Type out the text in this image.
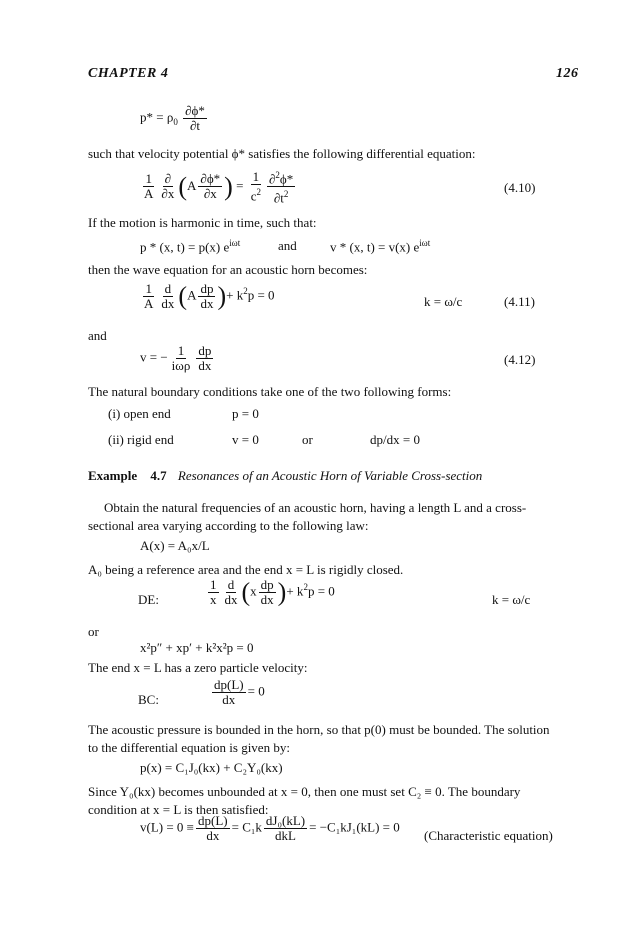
CHAPTER 4	126
$p* = \rho_0 \frac{\partial\phi*}{\partial t}$
such that velocity potential ϕ* satisfies the following differential equation:
$\frac{1}{A} \frac{\partial}{\partial x} (A \frac{\partial\phi*}{\partial x}$ ) = $\frac{1}{c^2} \frac{\partial^2\phi*}{\partial t^2}$	(4.10)
If the motion is harmonic in time, such that:
p * (x, t) = p(x) $e^{i\omega t}$	and	v * (x, t) = v(x) $e^{i\omega t}$
then the wave equation for an acoustic horn becomes:
$\frac{1}{A} \frac{d}{dx} (A \frac{dp}{dx}$ )+ $k^2p = 0$	k = ω/c	(4.11)
and
v = − $\frac{1}{\text{iωρ}} \frac{dp}{dx}$	(4.12)
The natural boundary conditions take one of the two following forms:
(i) open end	p = 0
(ii) rigid end	v = 0	or	dp/dx = 0
Example 4.7 Resonances of an Acoustic Horn of Variable Cross-section
Obtain the natural frequencies of an acoustic horn, having a length L and a cross-
sectional area varying according to the following law:
A(x) = A₀x/L
A₀ being a reference area and the end x = L is rigidly closed.
DE:	$\frac{1}{x} \frac{d}{dx} (x \frac{dp}{dx}$ )+ $k^2p = 0$
k = ω/c
or
x²p″ + xp′ + k²x²p = 0
The end x = L has a zero particle velocity:
BC:	$\frac{dp(L)}{dx} = 0$
The acoustic pressure is bounded in the horn, so that p(0) must be bounded. The solution
to the differential equation is given by:
p(x) = C₁J₀(kx) + C₂Y₀(kx)
Since Y₀(kx) becomes unbounded at x = 0, then one must set C₂ ≡ 0. The boundary
condition at x = L is then satisfied:
$v(L) = 0 \equiv \frac{dp(L)}{dx} = C_1k \frac{\text{dJ₀(kL)}}{\text{dkL}} = -C_1kJ_1(kL) = 0$
(Characteristic equation)
